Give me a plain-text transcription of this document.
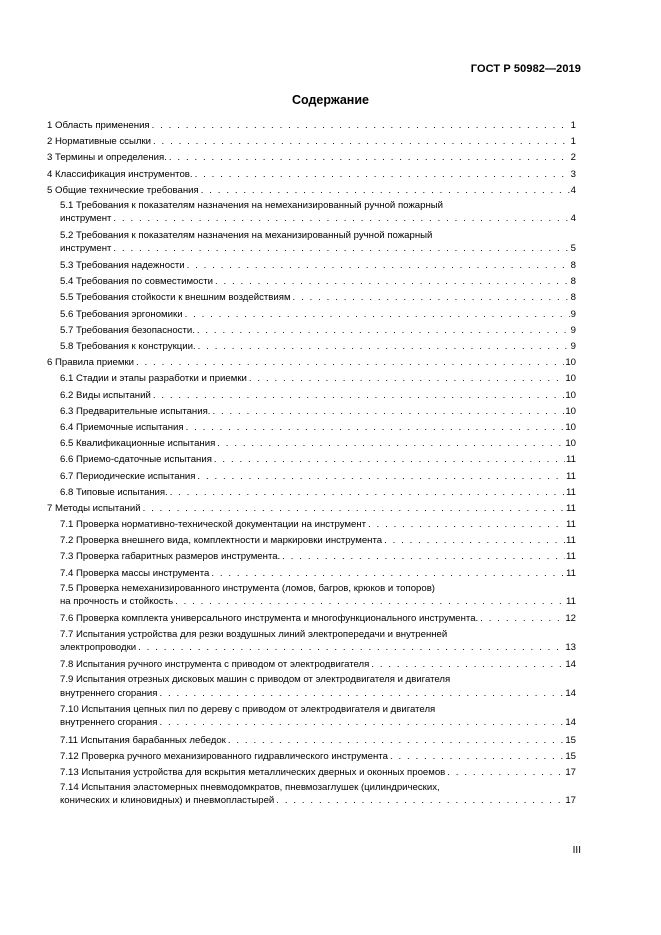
ГОСТ Р 50982—2019
Содержание
1 Область применения . . .	1
2 Нормативные ссылки . . .	1
3 Термины и определения. . . .	2
4 Классификация инструментов. . . .	3
5 Общие технические требования . . .	4
5.1 Требования к показателям назначения на немеханизированный ручной пожарный
инструмент . . .	4
5.2 Требования к показателям назначения на механизированный ручной пожарный
инструмент . . .	5
5.3 Требования надежности . . .	8
5.4 Требования по совместимости . . .	8
5.5 Требования стойкости к внешним воздействиям . . .	8
5.6 Требования эргономики . . .	9
5.7 Требования безопасности. . . .	9
5.8 Требования к конструкции. . . .	9
6 Правила приемки . . .	10
6.1 Стадии и этапы разработки и приемки . . .	10
6.2 Виды испытаний . . .	10
6.3 Предварительные испытания. . . .	10
6.4 Приемочные испытания . . .	10
6.5 Квалификационные испытания . . .	10
6.6 Приемо-сдаточные испытания . . .	11
6.7 Периодические испытания . . .	11
6.8 Типовые испытания. . . .	11
7 Методы испытаний . . .	11
7.1 Проверка нормативно-технической документации на инструмент . . .	11
7.2 Проверка внешнего вида, комплектности и маркировки инструмента . . .	11
7.3 Проверка габаритных размеров инструмента. . . .	11
7.4 Проверка массы инструмента . . .	11
7.5 Проверка немеханизированного инструмента (ломов, багров, крюков и топоров)
на прочность и стойкость . . .	11
7.6 Проверка комплекта универсального инструмента и многофункционального инструмента. . . .	12
7.7 Испытания устройства для резки воздушных линий электропередачи и внутренней
электропроводки . . .	13
7.8 Испытания ручного инструмента с приводом от электродвигателя . . .	14
7.9 Испытания отрезных дисковых машин с приводом от электродвигателя и двигателя
внутреннего сгорания . . .	14
7.10 Испытания цепных пил по дереву с приводом от электродвигателя и двигателя
внутреннего сгорания . . .	14
7.11 Испытания барабанных лебедок . . .	15
7.12 Проверка ручного механизированного гидравлического инструмента . . .	15
7.13 Испытания устройства для вскрытия металлических дверных и оконных проемов . . .	17
7.14 Испытания эластомерных пневмодомкратов, пневмозаглушек (цилиндрических,
конических и клиновидных) и пневмопластырей . . .	17
III
